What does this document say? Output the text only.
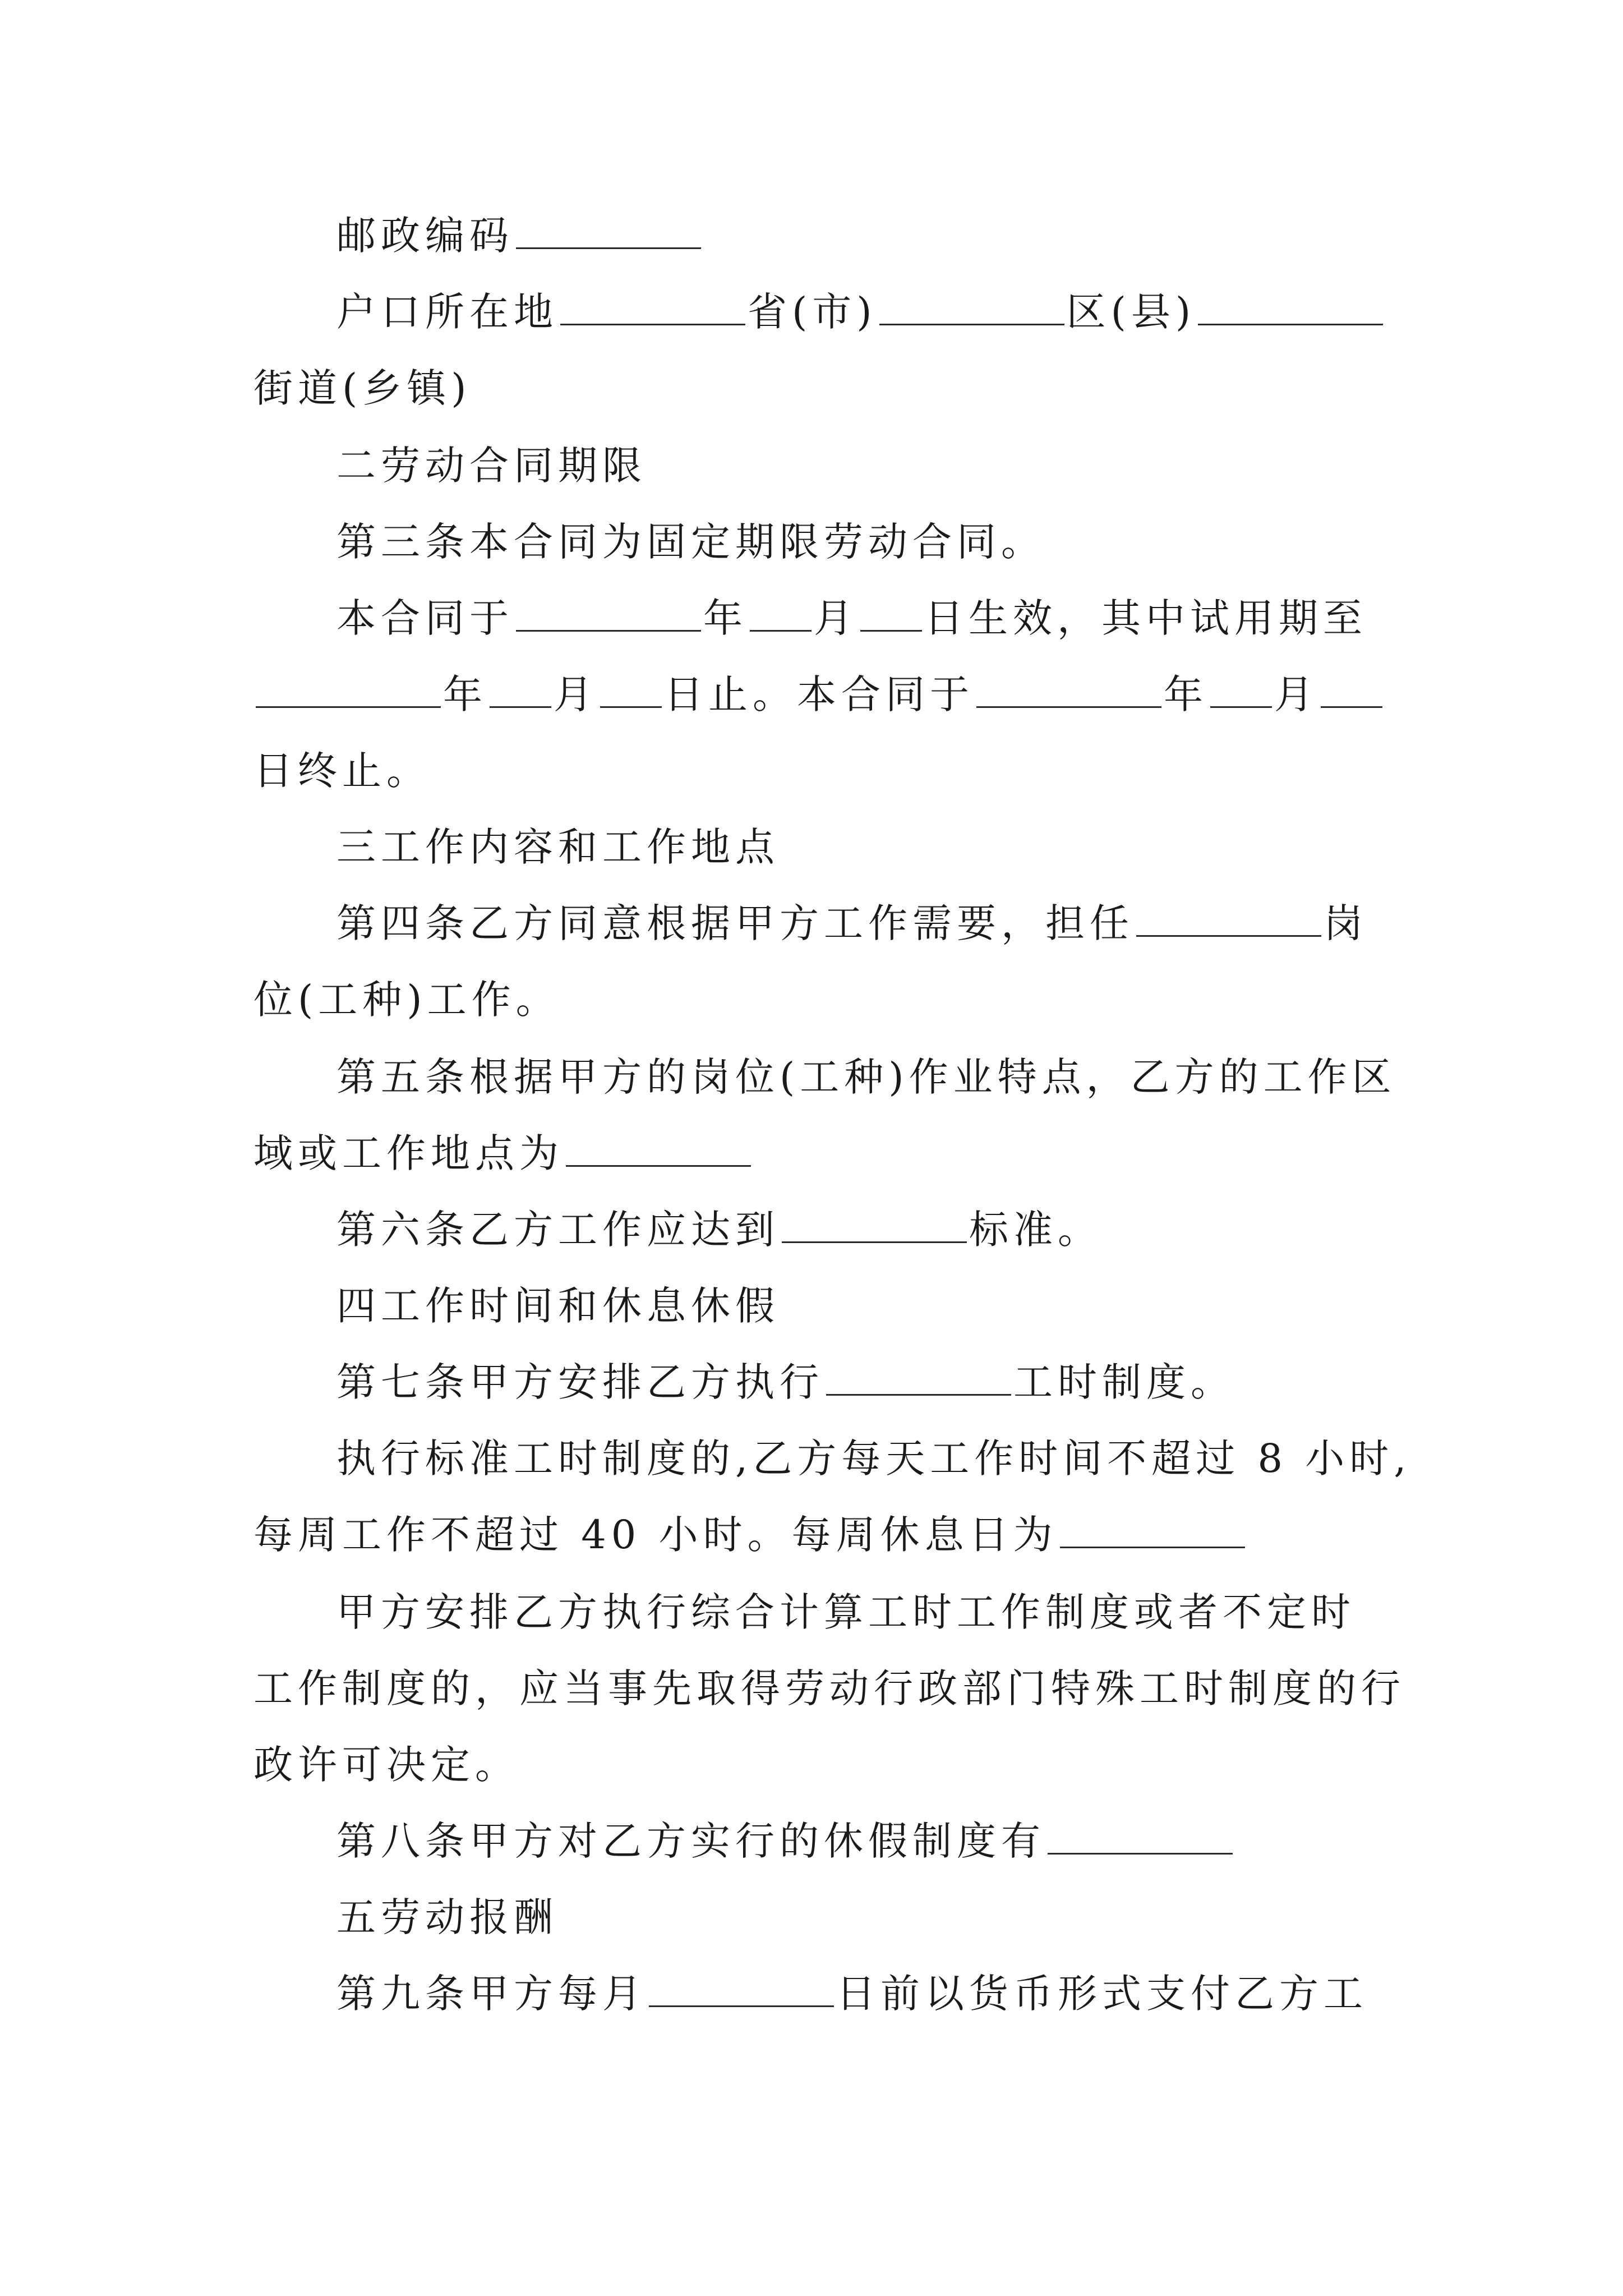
邮政编码
户口所在地	省(市)	区(县)
街道(乡镇)
二劳动合同期限
第三条本合同为固定期限劳动合同。
本合同于	年 月 日生效，其中试用期至
年 月 日止。本合同于	年 月
日终止。
三工作内容和工作地点
第四条乙方同意根据甲方工作需要，担任	岗
位(工种)工作。
第五条根据甲方的岗位(工种)作业特点，乙方的工作区
域或工作地点为
第六条乙方工作应达到	标准。
四工作时间和休息休假
第七条甲方安排乙方执行	工时制度。
执行标准工时制度的,乙方每天工作时间不超过 8 小时,
每周工作不超过 40 小时。每周休息日为
甲方安排乙方执行综合计算工时工作制度或者不定时
工作制度的，应当事先取得劳动行政部门特殊工时制度的行
政许可决定。
第八条甲方对乙方实行的休假制度有
五劳动报酬
第九条甲方每月	日前以货币形式支付乙方工
